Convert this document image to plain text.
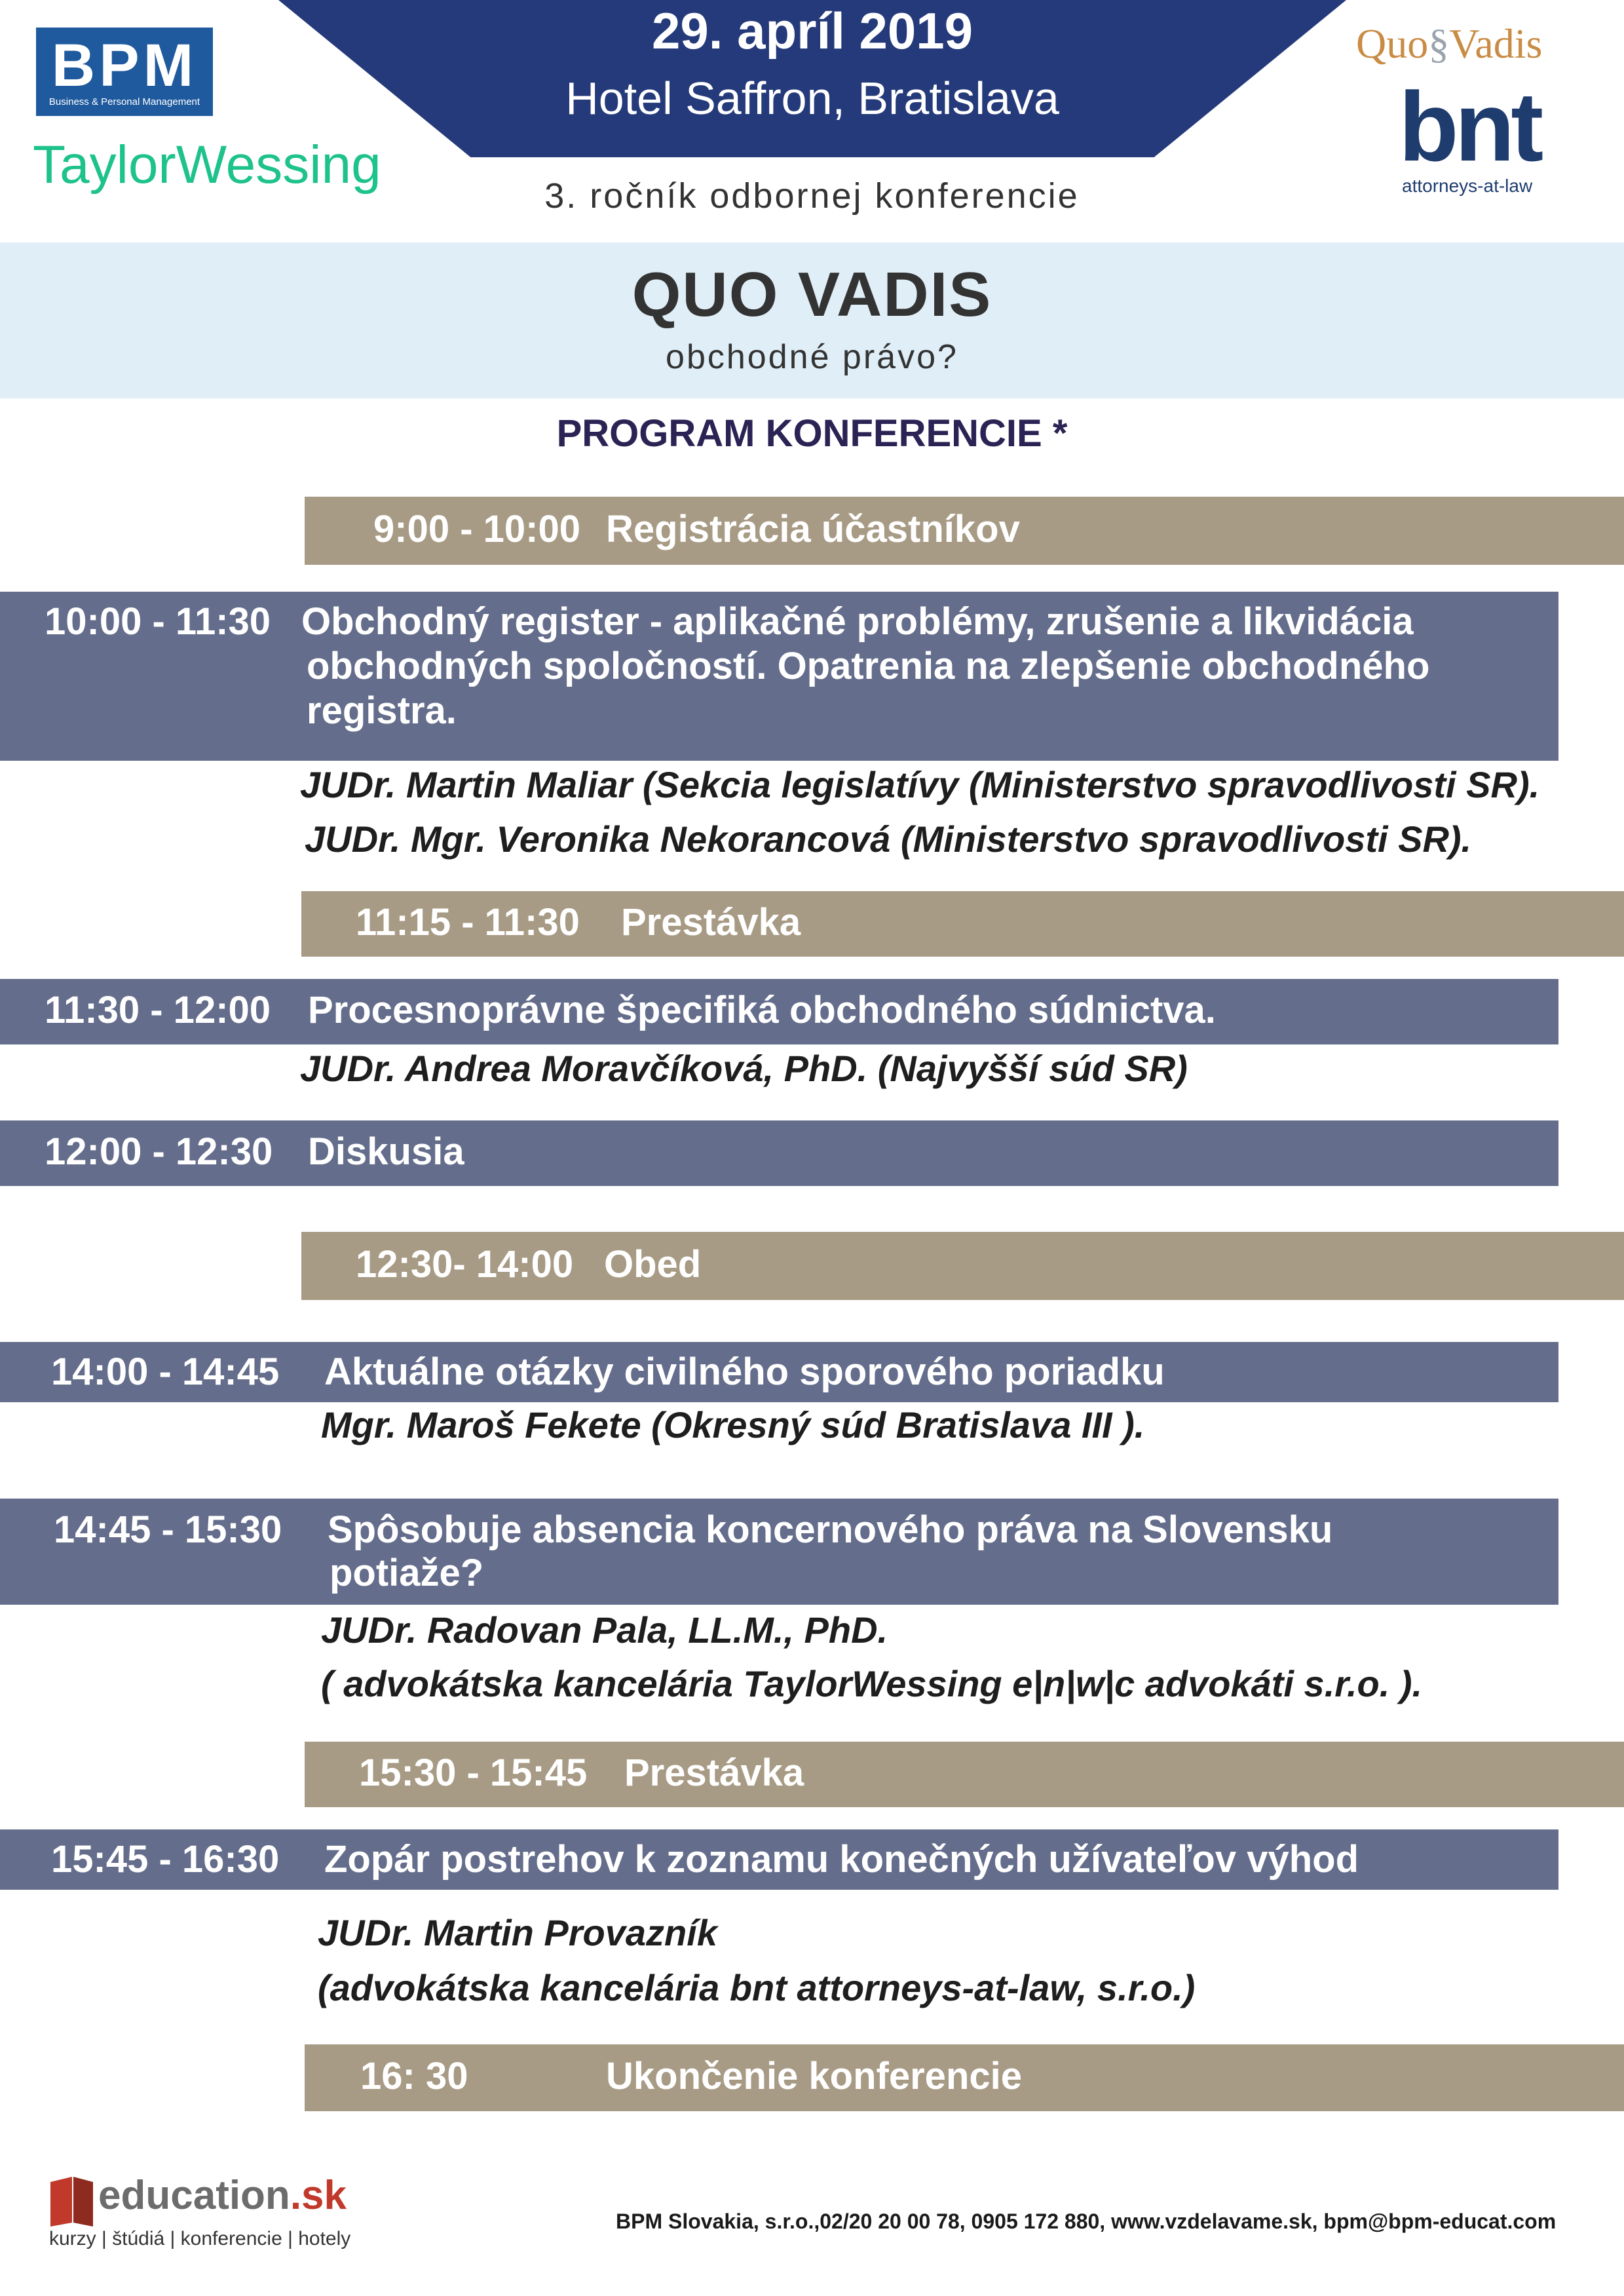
29. apríl 2019
Hotel Saffron, Bratislava
BPM
Business & Personal Management
TaylorWessing
Quo§Vadis
bnt
attorneys-at-law
3. ročník odbornej konferencie
QUO VADIS
obchodné právo?
PROGRAM KONFERENCIE *
9:00 - 10:00 Registrácia účastníkov
10:00 - 11:30 Obchodný register - aplikačné problémy, zrušenie a likvidácia
obchodných spoločností. Opatrenia na zlepšenie obchodného
registra.
JUDr. Martin Maliar (Sekcia legislatívy (Ministerstvo spravodlivosti SR).
JUDr. Mgr. Veronika Nekorancová (Ministerstvo spravodlivosti SR).
11:15 - 11:30 Prestávka
11:30 - 12:00 Procesnoprávne špecifiká obchodného súdnictva.
JUDr. Andrea Moravčíková, PhD. (Najvyšší súd SR)
12:00 - 12:30 Diskusia
12:30- 14:00 Obed
14:00 - 14:45 Aktuálne otázky civilného sporového poriadku
Mgr. Maroš Fekete (Okresný súd Bratislava III ).
14:45 - 15:30 Spôsobuje absencia koncernového práva na Slovensku
potiaže?
JUDr. Radovan Pala, LL.M., PhD.
( advokátska kancelária TaylorWessing e|n|w|c advokáti s.r.o. ).
15:30 - 15:45 Prestávka
15:45 - 16:30 Zopár postrehov k zoznamu konečných užívateľov výhod
JUDr. Martin Provazník
(advokátska kancelária bnt attorneys-at-law, s.r.o.)
16: 30	Ukončenie konferencie
education.sk
kurzy | štúdiá | konferencie | hotely
BPM Slovakia, s.r.o.,02/20 20 00 78, 0905 172 880, www.vzdelavame.sk, bpm@bpm-educat.com
